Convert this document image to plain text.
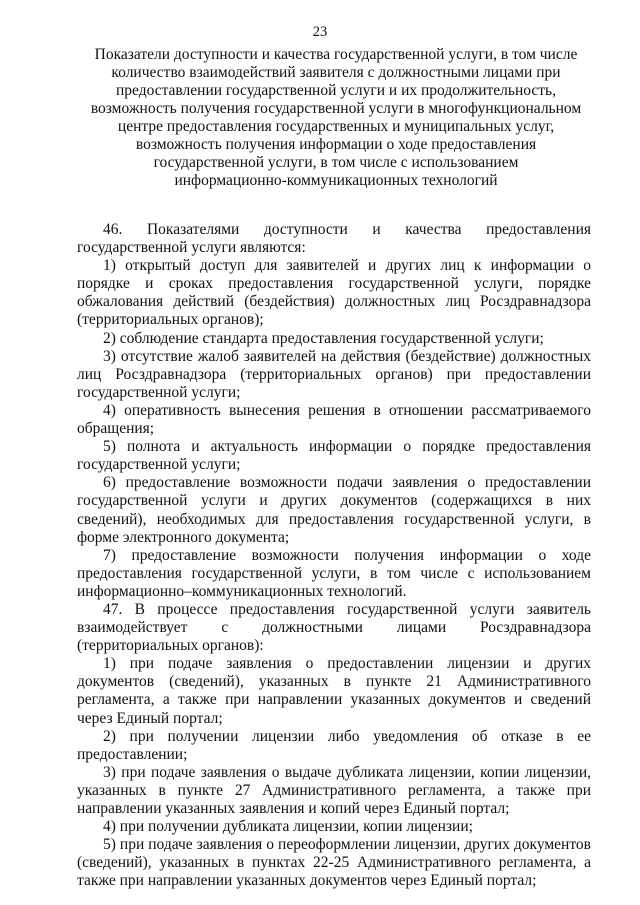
23
Показатели доступности и качества государственной услуги, в том числе
количество взаимодействий заявителя с должностными лицами при
предоставлении государственной услуги и их продолжительность,
возможность получения государственной услуги в многофункциональном
центре предоставления государственных и муниципальных услуг,
возможность получения информации о ходе предоставления
государственной услуги, в том числе с использованием
информационно-коммуникационных технологий

46. Показателями доступности и качества предоставления государственной услуги являются:

1) открытый доступ для заявителей и других лиц к информации о порядке и сроках предоставления государственной услуги, порядке обжалования действий (бездействия) должностных лиц Росздравнадзора (территориальных органов);

2) соблюдение стандарта предоставления государственной услуги;

3) отсутствие жалоб заявителей на действия (бездействие) должностных лиц Росздравнадзора (территориальных органов) при предоставлении государственной услуги;

4) оперативность вынесения решения в отношении рассматриваемого обращения;

5) полнота и актуальность информации о порядке предоставления государственной услуги;

6) предоставление возможности подачи заявления о предоставлении государственной услуги и других документов (содержащихся в них сведений), необходимых для предоставления государственной услуги, в форме электронного документа;

7) предоставление возможности получения информации о ходе предоставления государственной услуги, в том числе с использованием информационно–коммуникационных технологий.

47. В процессе предоставления государственной услуги заявитель взаимодействует с должностными лицами Росздравнадзора (территориальных органов):

1) при подаче заявления о предоставлении лицензии и других документов (сведений), указанных в пункте 21 Административного регламента, а также при направлении указанных документов и сведений через Единый портал;

2) при получении лицензии либо уведомления об отказе в ее предоставлении;

3) при подаче заявления о выдаче дубликата лицензии, копии лицензии, указанных в пункте 27 Административного регламента, а также при направлении указанных заявления и копий через Единый портал;

4) при получении дубликата лицензии, копии лицензии;

5) при подаче заявления о переоформлении лицензии, других документов (сведений), указанных в пунктах 22-25 Административного регламента, а также при направлении указанных документов через Единый портал;
